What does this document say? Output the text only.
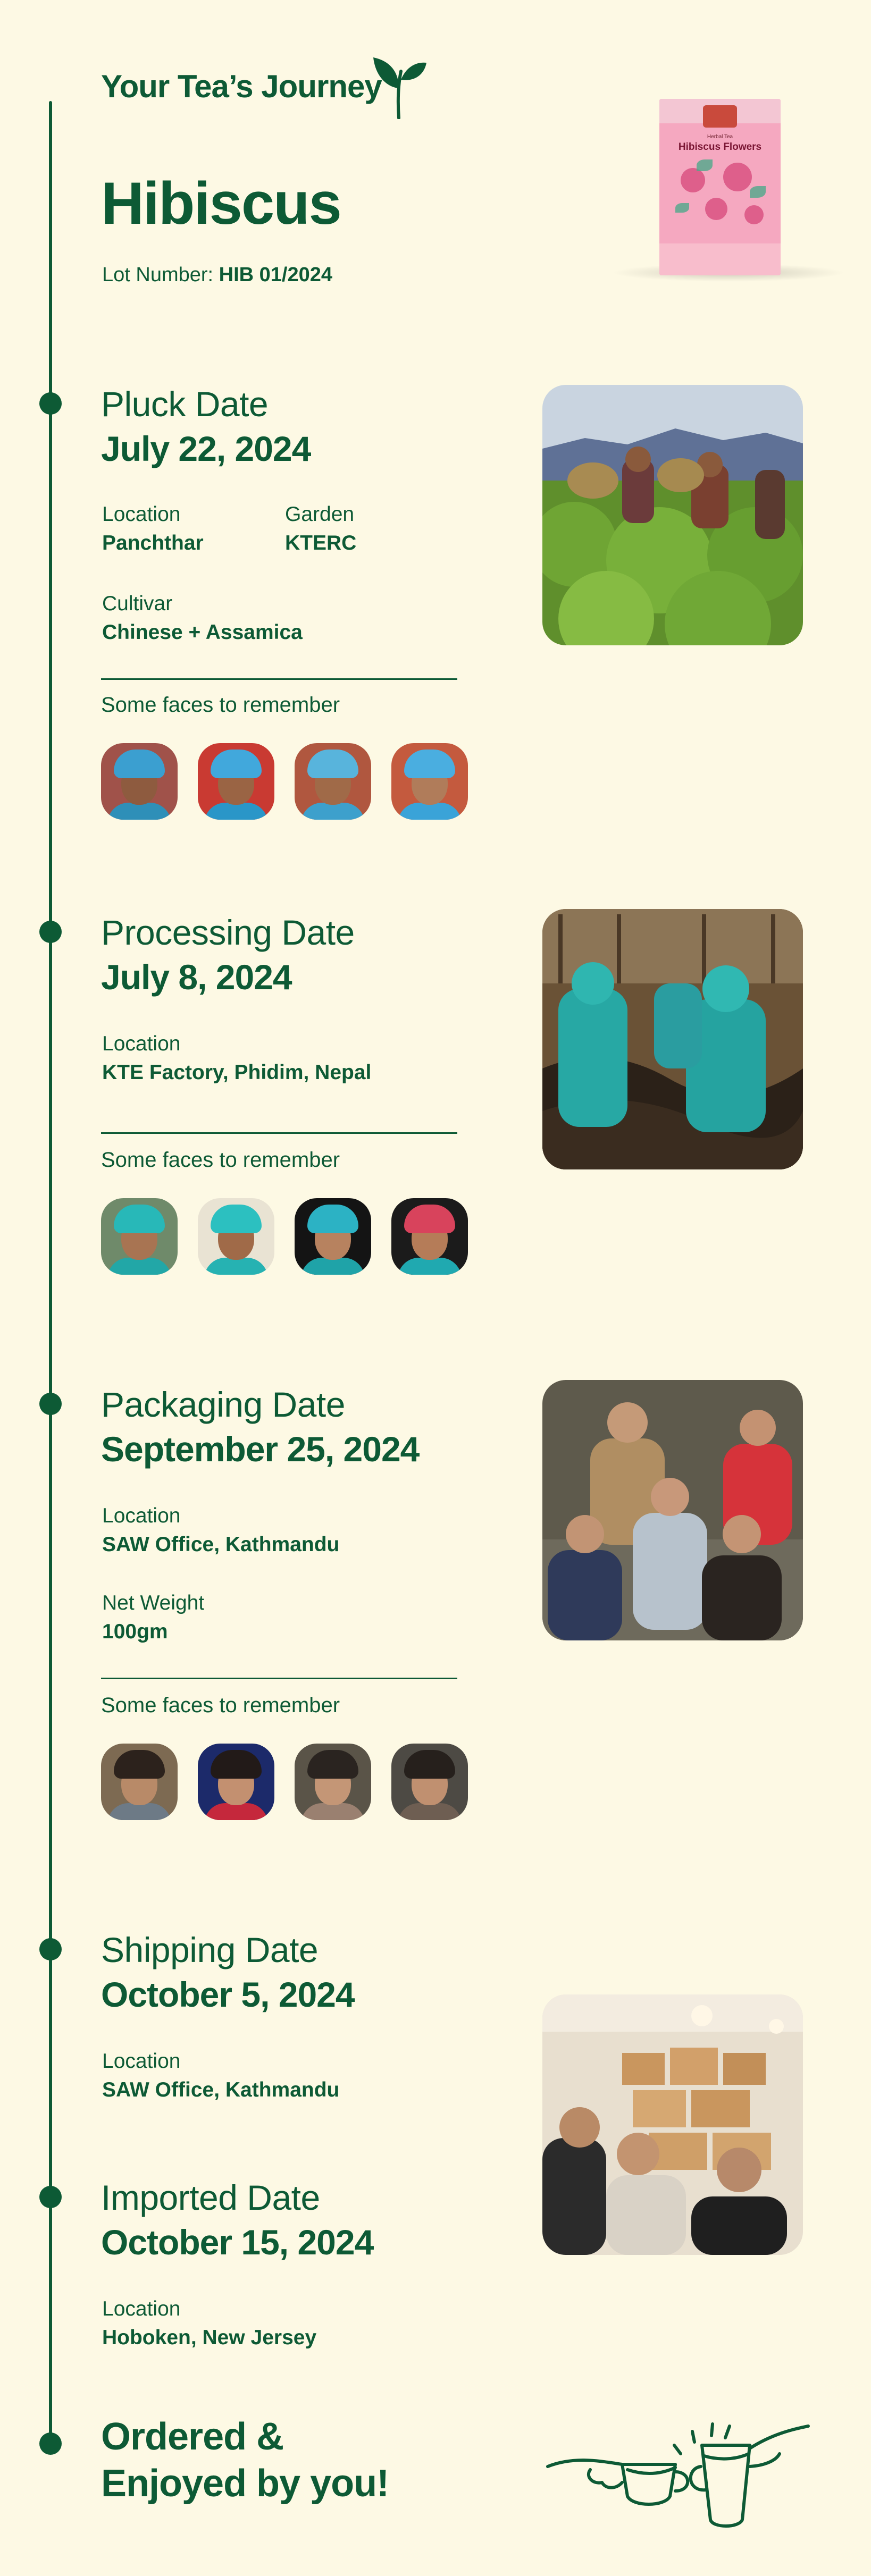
Your Tea’s Journey
Hibiscus
Lot Number: HIB 01/2024
Herbal Tea
Hibiscus Flowers
Pluck Date
July 22, 2024
Location
Panchthar
Garden
KTERC
Cultivar
Chinese + Assamica
Some faces to remember
Processing Date
July 8, 2024
Location
KTE Factory, Phidim, Nepal
Some faces to remember
Packaging Date
September 25, 2024
Location
SAW Office, Kathmandu
Net Weight
100gm
Some faces to remember
Shipping Date
October 5, 2024
Location
SAW Office, Kathmandu
Imported Date
October 15, 2024
Location
Hoboken, New Jersey
Ordered &
Enjoyed by you!
